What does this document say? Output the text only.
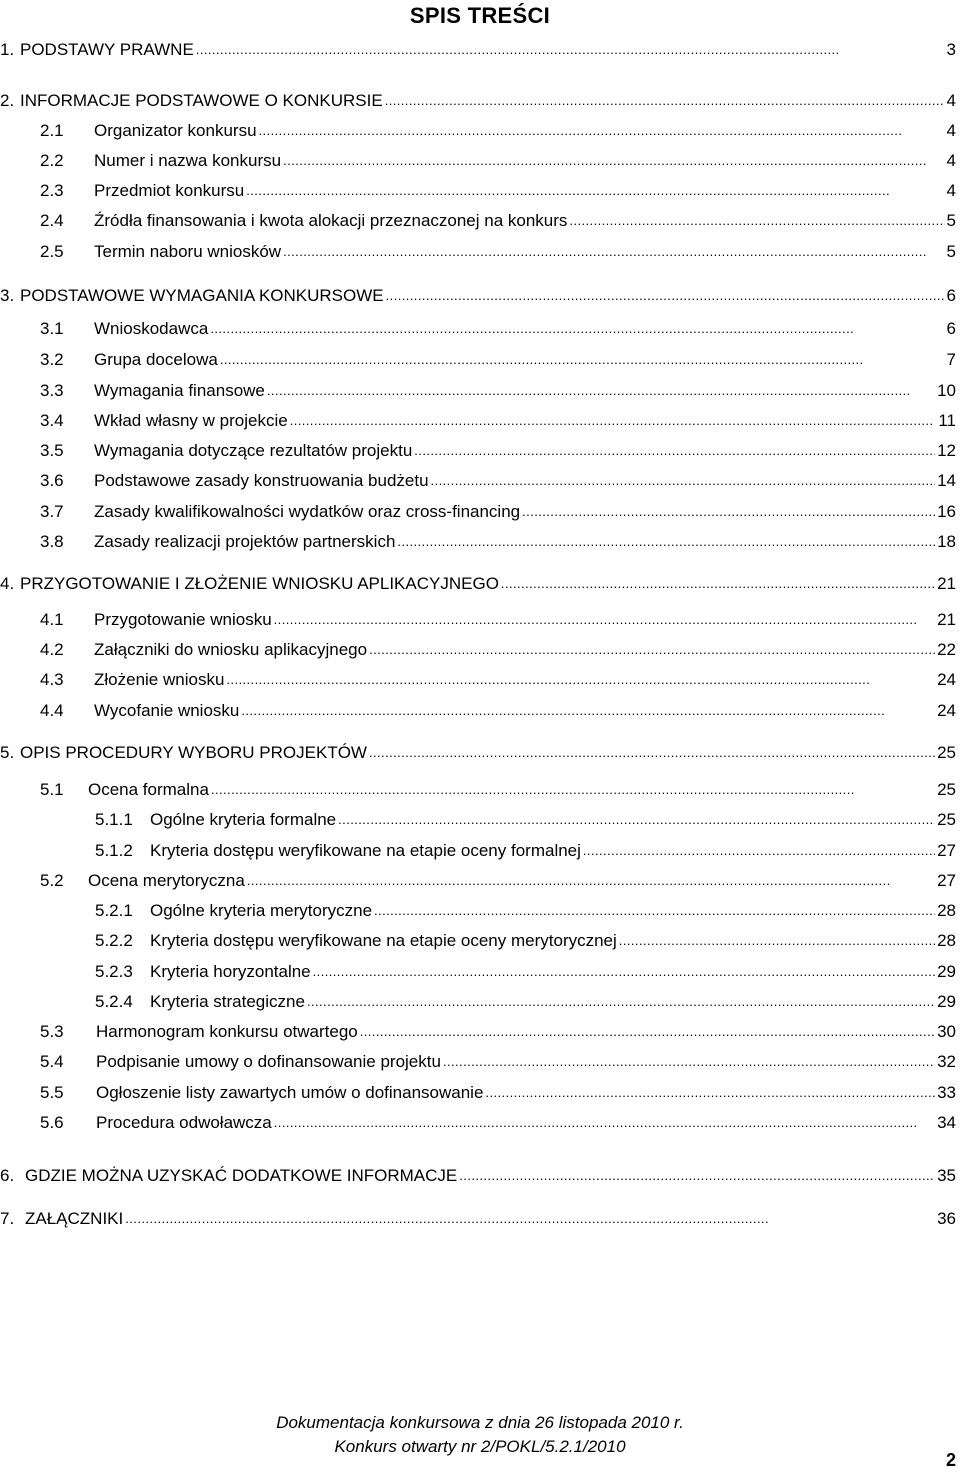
SPIS TREŚCI
1. PODSTAWY PRAWNE . . .	3
2. INFORMACJE PODSTAWOWE O KONKURSIE . . .	4
2.1	Organizator konkursu . . .	4
2.2	Numer i nazwa konkursu . . .	4
2.3	Przedmiot konkursu . . .	4
2.4	Źródła finansowania i kwota alokacji przeznaczonej na konkurs . . .	5
2.5	Termin naboru wniosków . . .	5
3. PODSTAWOWE WYMAGANIA KONKURSOWE . . .	6
3.1	Wnioskodawca . . .	6
3.2	Grupa docelowa . . .	7
3.3	Wymagania finansowe . . .	10
3.4	Wkład własny w projekcie . . .	11
3.5	Wymagania dotyczące rezultatów projektu . . .	12
3.6	Podstawowe zasady konstruowania budżetu . . .	14
3.7	Zasady kwalifikowalności wydatków oraz cross-financing . . .	16
3.8	Zasady realizacji projektów partnerskich . . .	18
4. PRZYGOTOWANIE I ZŁOŻENIE WNIOSKU APLIKACYJNEGO . . .	21
4.1	Przygotowanie wniosku . . .	21
4.2	Załączniki do wniosku aplikacyjnego . . .	22
4.3	Złożenie wniosku . . .	24
4.4	Wycofanie wniosku . . .	24
5. OPIS PROCEDURY WYBORU PROJEKTÓW . . .	25
5.1	Ocena formalna . . .	25
5.1.1	Ogólne kryteria formalne . . .	25
5.1.2	Kryteria dostępu weryfikowane na etapie oceny formalnej . . .	27
5.2	Ocena merytoryczna . . .	27
5.2.1	Ogólne kryteria merytoryczne . . .	28
5.2.2	Kryteria dostępu weryfikowane na etapie oceny merytorycznej . . .	28
5.2.3	Kryteria horyzontalne . . .	29
5.2.4	Kryteria strategiczne . . .	29
5.3	Harmonogram konkursu otwartego . . .	30
5.4	Podpisanie umowy o dofinansowanie projektu . . .	32
5.5	Ogłoszenie listy zawartych umów o dofinansowanie . . .	33
5.6	Procedura odwoławcza . . .	34
6. GDZIE MOŻNA UZYSKAĆ DODATKOWE INFORMACJE . . .	35
7. ZAŁĄCZNIKI . . .	36
Dokumentacja konkursowa z dnia 26 listopada 2010 r.
Konkurs otwarty nr 2/POKL/5.2.1/2010
2
